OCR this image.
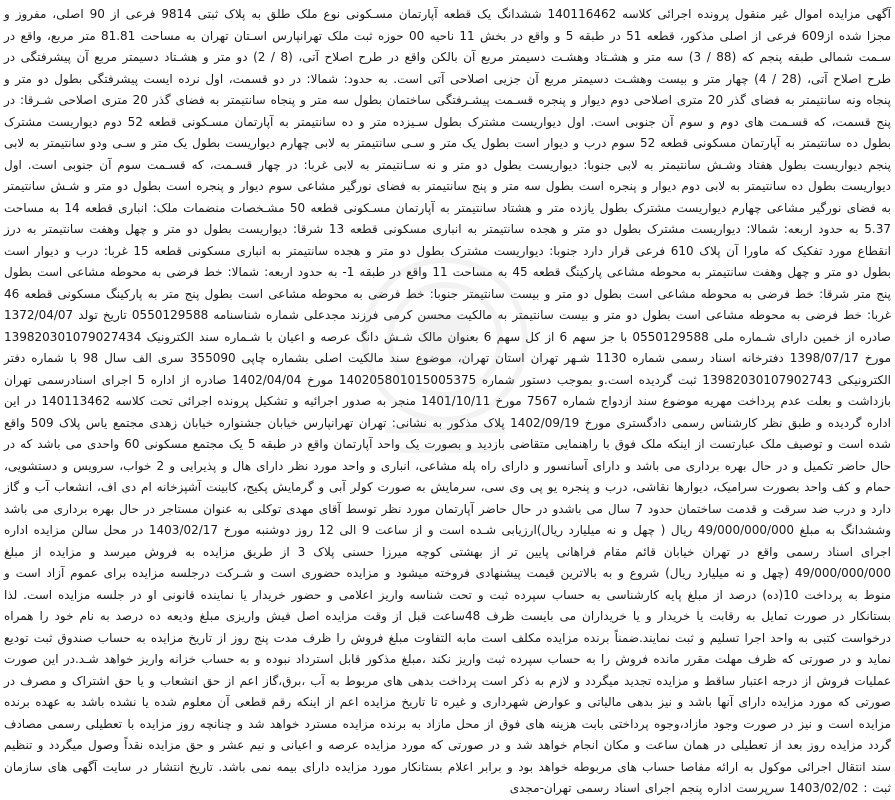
آگهی مزایده اموال غیر منقول پرونده اجرائی کلاسه 140116462 ششدانگ یک قطعه آپارتمان مسـکونی نوع ملک طلق به پلاک ثبتی 9814 فرعی از 90 اصلی، مفروز و مجزا شده از609 فرعی از اصلی مذکور، قطعه 51 در طبقه 5 و واقع در بخش 11 ناحیه 00 حوزه ثبت ملک تهرانپارس اسـتان تهران به مساحت 81.81 متر مربع، واقع در سـمت شمالی طبقه پنجم که (88 / 3) سه متر و هشـتاد وهشـت دسیمتر مربع آن بالکن واقع در طرح اصلاح آتی، (8 / 2) دو متر و هشـتاد دسیمتر مربع آن پیشرفتگی در طرح اصلاح آتی، (28 / 4) چهار متر و بیست وهشـت دسیمتر مربع آن جزیی اصلاحی آتی است. به حدود: شمالا: در دو قسمت، اول نرده ایست پیشرفتگی بطول دو متر و پنجاه ونه سانتیمتر به فضای گذر 20 متری اصلاحی دوم دیوار و پنجره قسـمت پیشـرفتگی ساختمان بطول سه متر و پنجاه سانتیمتر به فضای گذر 20 متری اصلاحی شـرقا: در پنج قسمت، که قسـمت های دوم و سوم آن جنوبی است. اول دیواریست مشترک بطول سـیزده متر و ده سانتیمتر به آپارتمان مسـکونی قطعه 52 دوم دیواریست مشترک بطول ده سانتیمتر به آپارتمان مسکونی قطعه 52 سوم درب و دیوار است بطول یک متر و سـی سانتیمتر به لابی چهارم دیواریست بطول یک متر و سـی ودو سانتیمتر به لابی پنجم دیواریست بطول هفتاد وشـش سانتیمتر به لابی جنوبا: دیواریست بطول دو متر و نه سـانتیمتر به لابی غربا: در چهار قسـمت، که قسـمت سوم آن جنوبی است. اول دیواریست بطول ده سانتیمتر به لابی دوم دیوار و پنجره است بطول سه متر و پنج سانتیمتر به فضای نورگیر مشاعی سوم دیوار و پنجره است بطول دو متر و شـش سانتیمتر به فضای نورگیر مشاعی چهارم دیواریست مشترک بطول یازده متر و هشتاد سانتیمتر به آپارتمان مسـکونی قطعه 50 مشـخصات منضمات ملک: انباری قطعه 14 به مساحت 5.37 به حدود اربعه: شمالا: دیواریست مشترک بطول دو متر و هجده سانتیمتر به انباری مسکونی قطعه 13 شرقا: دیواریست بطول دو متر و چهل وهفت سانتیمتر به درز انقطاع مورد تفکیک که ماورا آن پلاک 610 فرعی قرار دارد جنوبا: دیواریست مشترک بطول دو متر و هجده سانتیمتر به انباری مسکونی قطعه 15 غربا: درب و دیوار است بطول دو متر و چهل وهفت سانتیمتر به محوطه مشاعی پارکینگ قطعه 45 به مساحت 11 واقع در طبقه 1- به حدود اربعه: شمالا: خط فرضی به محوطه مشاعی است بطول پنج متر شرقا: خط فرضی به محوطه مشاعی است بطول دو متر و بیست سانتیمتر جنوبا: خط فرضی به محوطه مشاعی است بطول پنج متر به پارکینگ مسکونی قطعه 46 غربا: خط فرضی به محوطه مشاعی است بطول دو متر و بیست سانتیمتر به مالکیت محسن کرمی فرزند مجدعلی شماره شناسنامه 0550129588 تاریخ تولد 1372/04/07 صادره از خمین دارای شـماره ملی 0550129588 با جز سهم 6 از کل سهم 6 بعنوان مالک شـش دانگ عرصه و اعیان با شـماره سند الکترونیک 139820301079027434 مورخ 1398/07/17 دفترخانه اسناد رسمی شماره 1130 شـهر تهران استان تهران، موضوع سند مالکیت اصلی بشماره چاپی 355090 سری الف سال 98 با شماره دفتر الکترونیکی 13982030107902743 ثبت گردیده است.و بموجب دستور شماره 140205801015005375 مورخ 1402/04/04 صادره از اداره 5 اجرای اسنادرسمی تهران بازداشت و بعلت عدم پرداخت مهریه موضوع سند ازدواج شماره 7567 مورخ 1401/10/11 منجر به صدور اجرائیه و تشکیل پرونده اجرائی تحت کلاسه 140113462 در این اداره گردیده و طبق نظر کارشناس رسمی دادگستری مورخ 1402/09/19 پلاک مذکور به نشانی: تهران تهرانپارس خیابان جشنواره خیابان زهدی مجتمع یاس پلاک 509 واقع شده است و توصیف ملک عبارتست از اینکه ملک فوق با راهنمایی متقاضی بازدید و بصورت یک واحد آپارتمان واقع در طبقه 5 یک مجتمع مسکونی 60 واحدی می باشد که در حال حاضر تکمیل و در حال بهره برداری می باشد و دارای آسانسور و دارای راه پله مشاعی، انباری و واحد مورد نظر دارای هال و پذیرایی و 2 خواب، سرویس و دستشویی، حمام و کف واحد بصورت سرامیک، دیوارها نقاشی، درب و پنجره یو پی وی سی، سرمایش به صورت کولر آبی و گرمایش پکیج، کابینت آشپزخانه ام دی اف، انشعاب آب و گاز دارد و درب ضد سرقت و قدمت ساختمان حدود 7 سال می باشدو در حال حاضر آپارتمان مورد نظر توسط آقای مهدی توکلی به عنوان مستاجر در حال بهره برداری می باشد وششدانگ به مبلغ 49/000/000/000 ریال ( چهل و نه میلیارد ریال)ارزیابی شـده است و از ساعت 9 الی 12 روز دوشنبه مورخ 1403/02/17 در محل سالن مزایده اداره اجرای اسناد رسمی واقع در تهران خیابان قائم مقام فراهانی پایین تر از بهشتی کوچه میرزا حسنی پلاک 3 از طریق مزایده به فروش میرسد و مزایده از مبلغ 49/000/000/000 (چهل و نه میلیارد ریال) شروع و به بالاترین قیمت پیشنهادی فروخته میشود و مزایده حضوری است و شـرکت درجلسه مزایده برای عموم آزاد است و منوط به پرداخت 10(ده) درصد از مبلغ پایه کارشناسی به حساب سپرده ثبت و تحت شناسه واریز اعلامی و حضور خریدار یا نماینده قانونی او در جلسه مزایده است. لذا بستانکار در صورت تمایل به رقابت یا خریدار و یا خریداران می بایست ظرف 48ساعت قبل از وقت مزایده اصل فیش واریزی مبلغ ودیعه ده درصد به نام خود را همراه درخواست کتبی به واحد اجرا تسلیم و ثبت نمایند.ضمناً برنده مزایده مکلف است مابه التفاوت مبلغ فروش را ظرف مدت پنج روز از تاریخ مزایده به حساب صندوق ثبت تودیع نماید و در صورتی که ظرف مهلت مقرر مانده فروش را به حساب سپرده ثبت واریز نکند ،مبلغ مذکور قابل استرداد نبوده و به حساب خزانه واریز خواهد شـد.در این صورت عملیات فروش از درجه اعتبار ساقط و مزایده تجدید میگردد و لازم به ذکر است پرداخت بدهی های مربوط به آب ،برق،گاز اعم از حق انشعاب و یا حق اشتراک و مصرف در صورتی که مورد مزایده دارای آنها باشد و نیز بدهی مالیاتی و عوارض شهرداری و غیره تا تاریخ مزایده اعم از اینکه رقم قطعی آن معلوم شده یا نشده باشد به عهده برنده مزایده است و نیز در صورت وجود مازاد،وجوه پرداختی بابت هزینه های فوق از محل مازاد به برنده مزایده مسترد خواهد شد و چنانچه روز مزایده با تعطیلی رسمی مصادف گردد مزایده روز بعد از تعطیلی در همان ساعت و مکان انجام خواهد شد و در صورتی که مورد مزایده عرصه و اعیانی و نیم عشر و حق مزایده نقداً وصول میگردد و تنظیم سند انتقال اجرائی موکول به ارائه مفاصا حساب های مربوطه خواهد بود و برابر اعلام بستانکار مورد مزایده دارای بیمه نمی باشد. تاریخ انتشار در سایت آگهی های سازمان ثبت : 1403/02/02 سرپرست اداره پنجم اجرای اسناد رسمی تهران-مجدی
